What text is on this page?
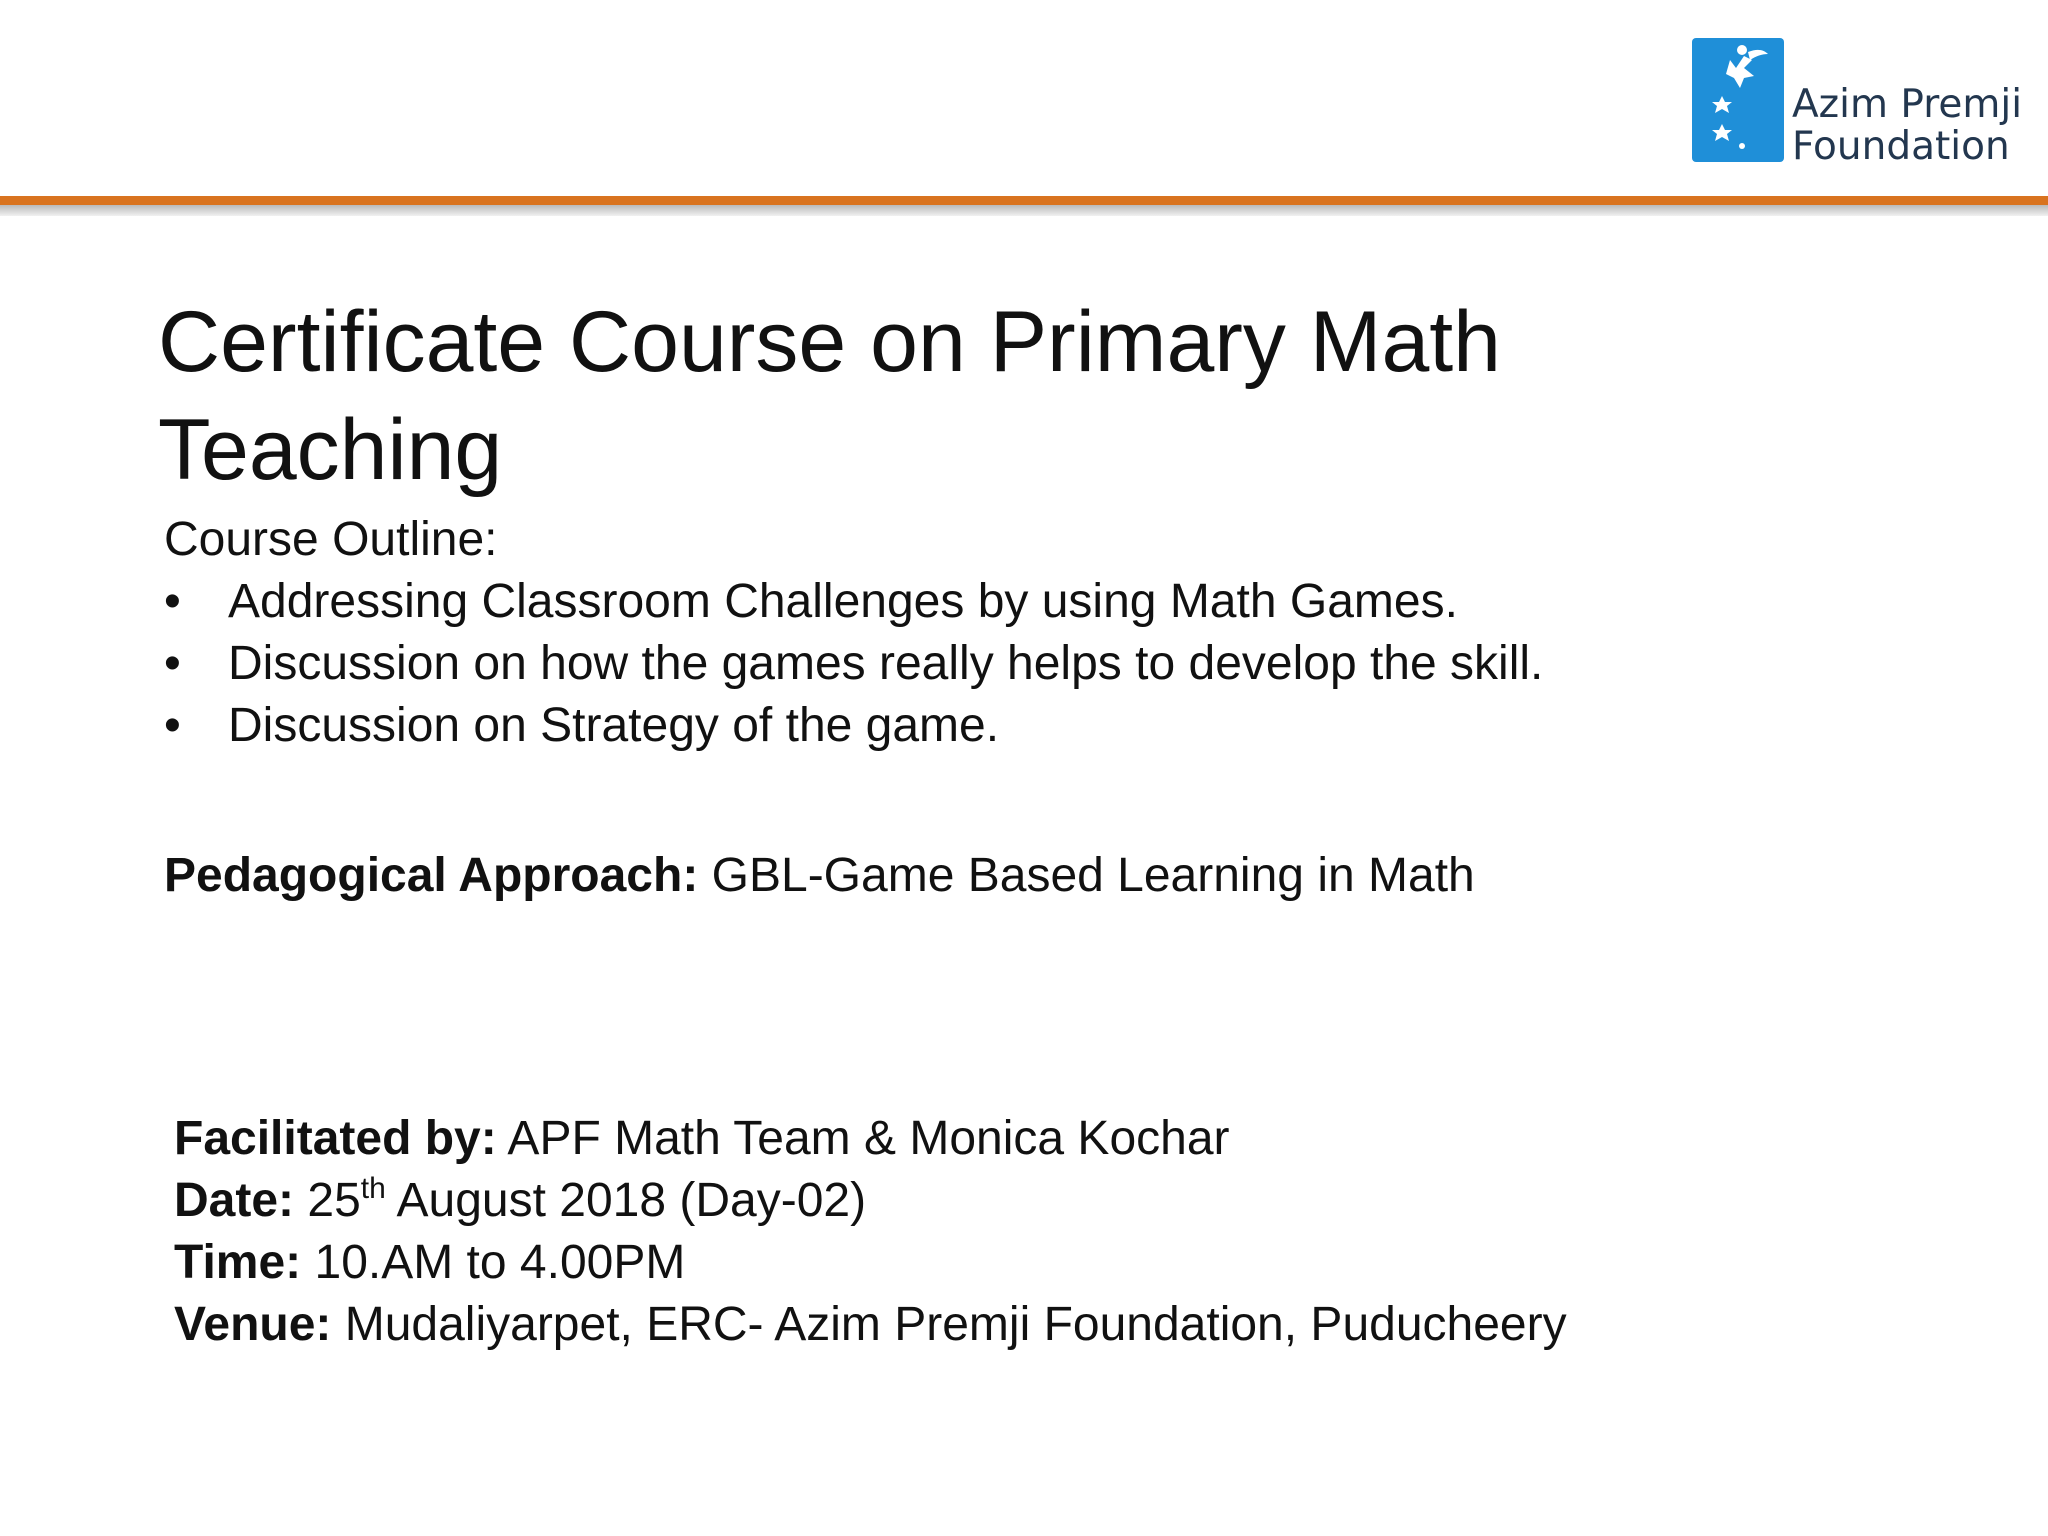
Azim Premji
Foundation
Certificate Course on Primary Math Teaching
Course Outline:
• Addressing Classroom Challenges by using Math Games.
• Discussion on how the games really helps to develop the skill.
• Discussion on Strategy of the game.
Pedagogical Approach: GBL-Game Based Learning in Math
Facilitated by: APF Math Team & Monica Kochar
Date: 25th August 2018 (Day-02)
Time: 10.AM to 4.00PM
Venue: Mudaliyarpet, ERC- Azim Premji Foundation, Puducheery
